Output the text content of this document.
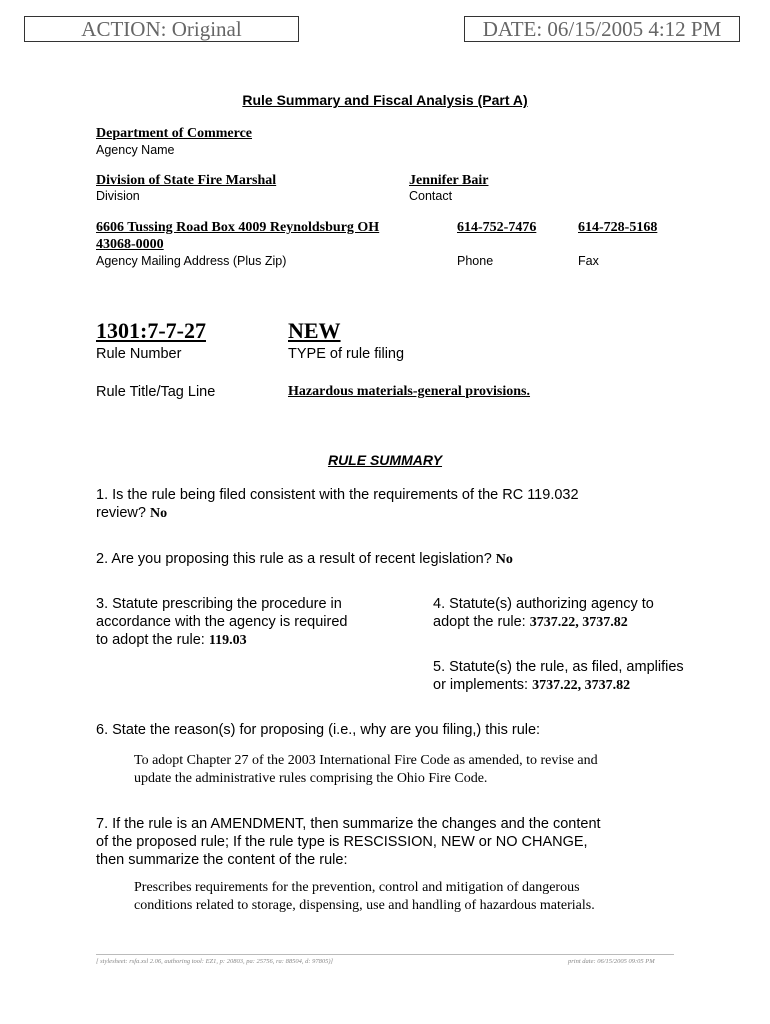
ACTION: Original	DATE: 06/15/2005 4:12 PM
Rule Summary and Fiscal Analysis (Part A)
Department of Commerce
Agency Name
Division of State Fire Marshal
Division
Jennifer Bair
Contact
6606 Tussing Road Box 4009 Reynoldsburg OH
43068-0000
Agency Mailing Address (Plus Zip)
614-752-7476
Phone
614-728-5168
Fax
1301:7-7-27
Rule Number
NEW
TYPE of rule filing
Rule Title/Tag Line	Hazardous materials-general provisions.
RULE SUMMARY
1. Is the rule being filed consistent with the requirements of the RC 119.032
review? No
2. Are you proposing this rule as a result of recent legislation? No
3. Statute prescribing the procedure in
accordance with the agency is required
to adopt the rule: 119.03
4. Statute(s) authorizing agency to
adopt the rule: 3737.22, 3737.82
5. Statute(s) the rule, as filed, amplifies
or implements: 3737.22, 3737.82
6. State the reason(s) for proposing (i.e., why are you filing,) this rule:
To adopt Chapter 27 of the 2003 International Fire Code as amended, to revise and
update the administrative rules comprising the Ohio Fire Code.
7. If the rule is an AMENDMENT, then summarize the changes and the content
of the proposed rule; If the rule type is RESCISSION, NEW or NO CHANGE,
then summarize the content of the rule:
Prescribes requirements for the prevention, control and mitigation of dangerous
conditions related to storage, dispensing, use and handling of hazardous materials.
[ stylesheet: rsfa.xsl 2.06, authoring tool: EZ1, p: 20803, pa: 25756, ra: 88504, d: 97805)]	print date: 06/15/2005 09:05 PM
